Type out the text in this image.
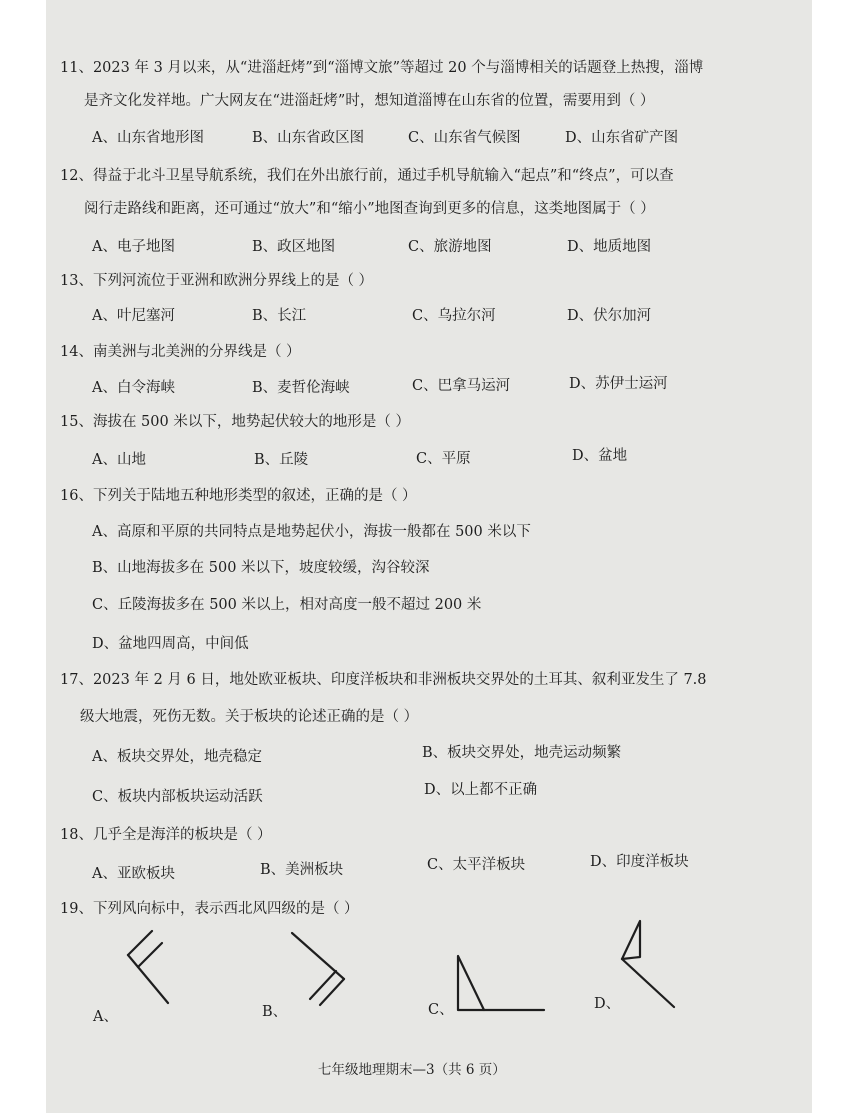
11、2023 年 3 月以来，从“进淄赶烤”到“淄博文旅”等超过 20 个与淄博相关的话题登上热搜，淄博
是齐文化发祥地。广大网友在“进淄赶烤”时，想知道淄博在山东省的位置，需要用到（ ）
A、山东省地形图	B、山东省政区图	C、山东省气候图	D、山东省矿产图
12、得益于北斗卫星导航系统，我们在外出旅行前，通过手机导航输入“起点”和“终点”，可以查
阅行走路线和距离，还可通过“放大”和“缩小”地图查询到更多的信息，这类地图属于（ ）
A、电子地图	B、政区地图	C、旅游地图	D、地质地图
13、下列河流位于亚洲和欧洲分界线上的是（ ）
A、叶尼塞河	B、长江	C、乌拉尔河	D、伏尔加河
14、南美洲与北美洲的分界线是（ ）
A、白令海峡	B、麦哲伦海峡	C、巴拿马运河	D、苏伊士运河
15、海拔在 500 米以下，地势起伏较大的地形是（ ）
A、山地	B、丘陵	C、平原	D、盆地
16、下列关于陆地五种地形类型的叙述，正确的是（ ）
A、高原和平原的共同特点是地势起伏小，海拔一般都在 500 米以下
B、山地海拔多在 500 米以下，坡度较缓，沟谷较深
C、丘陵海拔多在 500 米以上，相对高度一般不超过 200 米
D、盆地四周高，中间低
17、2023 年 2 月 6 日，地处欧亚板块、印度洋板块和非洲板块交界处的土耳其、叙利亚发生了 7.8
级大地震，死伤无数。关于板块的论述正确的是（ ）
A、板块交界处，地壳稳定	B、板块交界处，地壳运动频繁
C、板块内部板块运动活跃	D、以上都不正确
18、几乎全是海洋的板块是（ ）
A、亚欧板块	B、美洲板块	C、太平洋板块	D、印度洋板块
19、下列风向标中，表示西北风四级的是（ ）
A、	B、	C、	D、
七年级地理期末—3（共 6 页）
